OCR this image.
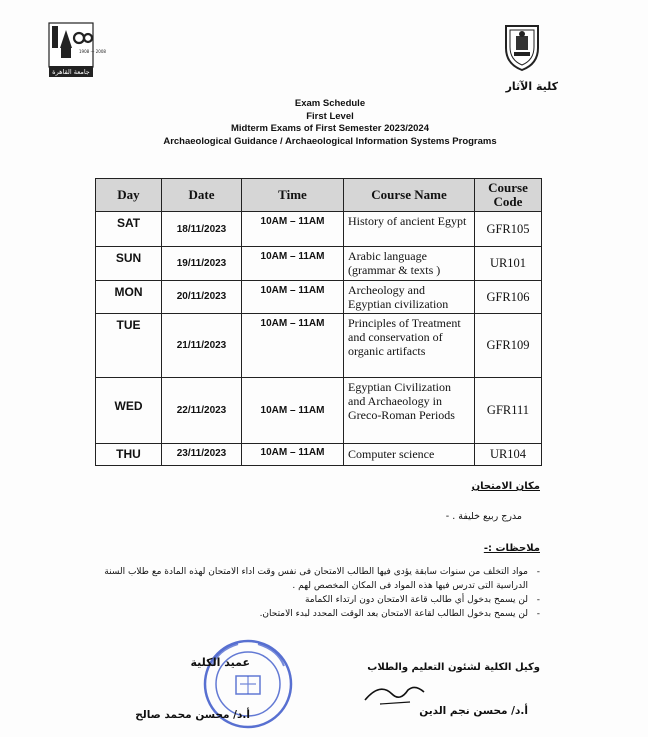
1908 — 2008
جامعة القاهرة
كلية الآثار
Exam Schedule
First Level
Midterm Exams of First Semester 2023/2024
Archaeological Guidance / Archaeological Information Systems Programs
Day	Date	Time	Course Name	Course
Code

SAT	18/11/2023	10AM – 11AM	History of ancient Egypt	GFR105
SUN	19/11/2023	10AM – 11AM	Arabic language (grammar & texts )	UR101
MON	20/11/2023	10AM – 11AM	Archeology and Egyptian civilization	GFR106
TUE	21/11/2023	10AM – 11AM	Principles of Treatment and conservation of organic artifacts	GFR109
WED	22/11/2023	10AM – 11AM	Egyptian Civilization and Archaeology in Greco-Roman Periods	GFR111
THU	23/11/2023	10AM – 11AM	Computer science	UR104
مكان الامتحان
مدرج ربيع خليفة . -
ملاحظات :-
- مواد التخلف من سنوات سابقة يؤدى فيها الطالب الامتحان فى نفس وقت اداء الامتحان لهذه المادة مع طلاب السنة الدراسية التى تدرس فيها هذه المواد فى المكان المخصص لهم .
- لن يسمح بدخول أي طالب قاعة الامتحان دون ارتداء الكمامة
- لن يسمح بدخول الطالب لقاعة الامتحان بعد الوقت المحدد لبدء الامتحان.
عميد الكلية	وكيل الكلية لشئون التعليم والطلاب
أ.د/ محسن محمد صالح	أ.د/ محسن نجم الدين
